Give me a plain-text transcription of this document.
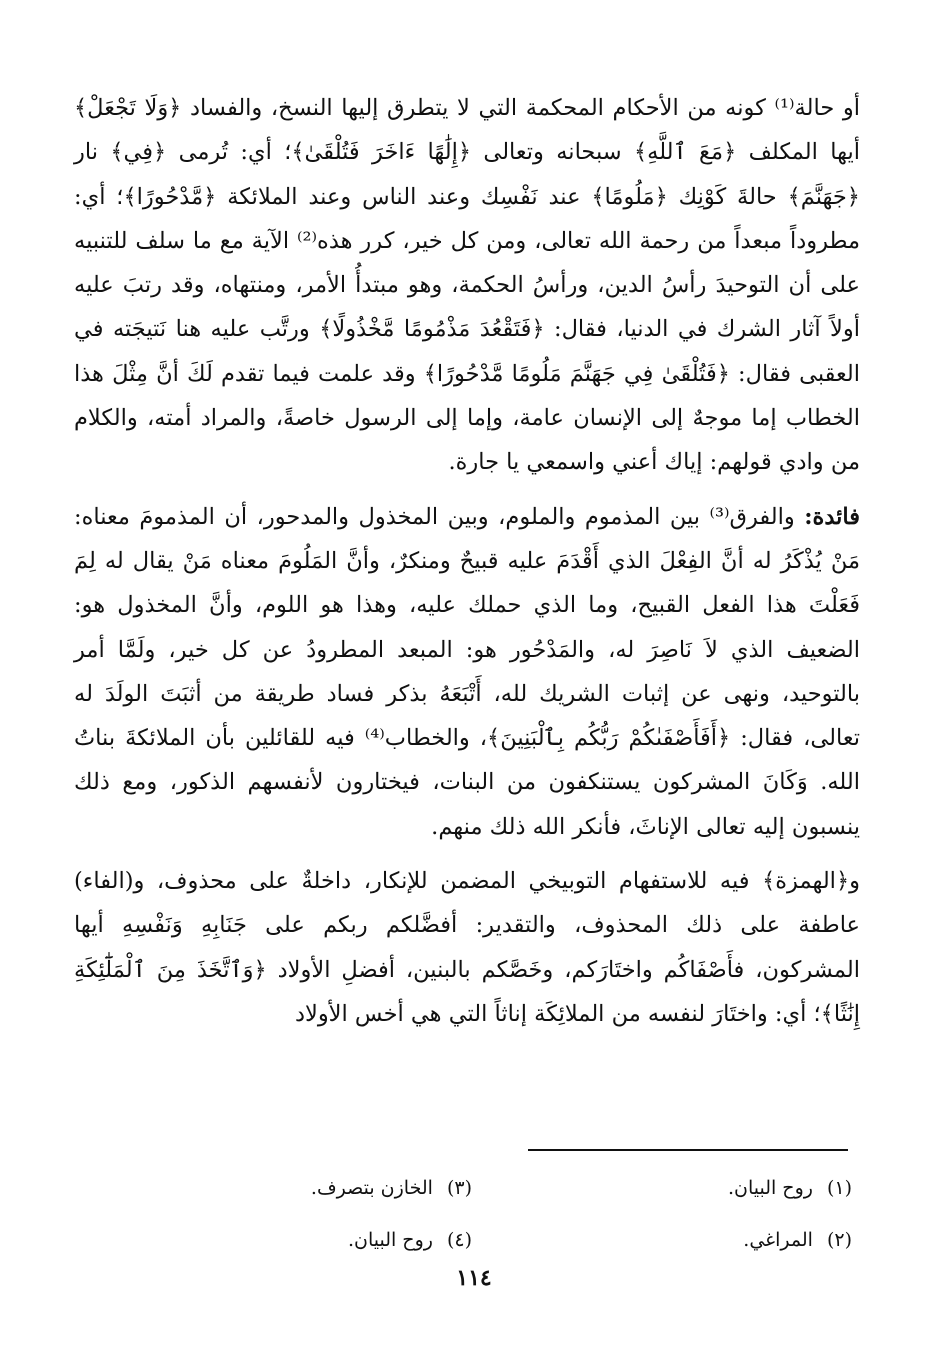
أو حالة⁽¹⁾ كونه من الأحكام المحكمة التي لا يتطرق إليها النسخ، والفساد ﴿وَلَا تَجْعَلْ﴾ أيها المكلف ﴿مَعَ ٱللَّهِ﴾ سبحانه وتعالى ﴿إِلَٰهًا ءَاخَرَ فَتُلْقَىٰ﴾؛ أي: تُرمى ﴿فِي﴾ نار ﴿جَهَنَّمَ﴾ حالةَ كَوْنِك ﴿مَلُومًا﴾ عند نَفْسِك وعند الناس وعند الملائكة ﴿مَّدْحُورًا﴾؛ أي: مطروداً مبعداً من رحمة الله تعالى، ومن كل خير، كرر هذه⁽²⁾ الآية مع ما سلف للتنبيه على أن التوحيدَ رأسُ الدين، ورأسُ الحكمة، وهو مبتدأُ الأمر، ومنتهاه، وقد رتبَ عليه أولاً آثار الشرك في الدنيا، فقال: ﴿فَتَقْعُدَ مَذْمُومًا مَّخْذُولًا﴾ ورتَّب عليه هنا نَتيجَته في العقبى فقال: ﴿فَتُلْقَىٰ فِي جَهَنَّمَ مَلُومًا مَّدْحُورًا﴾ وقد علمت فيما تقدم لَكَ أنَّ مِثْلَ هذا الخطاب إما موجهٌ إلى الإنسان عامة، وإما إلى الرسول خاصةً، والمراد أمته، والكلام من وادي قولهم: إياك أعني واسمعي يا جارة.

فائدة: والفرق⁽³⁾ بين المذموم والملوم، وبين المخذول والمدحور، أن المذمومَ معناه: مَنْ يُذْكَرُ له أنَّ الفِعْلَ الذي أَقْدَمَ عليه قبيحٌ ومنكرٌ، وأنَّ المَلُومَ معناه مَنْ يقال له لِمَ فَعَلْتَ هذا الفعل القبيح، وما الذي حملك عليه، وهذا هو اللوم، وأنَّ المخذول هو: الضعيف الذي لاَ نَاصِرَ له، والمَدْحُور هو: المبعد المطرودُ عن كل خير، ولَمَّا أمر بالتوحيد، ونهى عن إثبات الشريك لله، أَتْبَعَهُ بذكر فساد طريقة من أثبَتَ الولَدَ له تعالى، فقال: ﴿أَفَأَصْفَىٰكُمْ رَبُّكُم بِٱلْبَنِينَ﴾، والخطاب⁽⁴⁾ فيه للقائلين بأن الملائكةَ بناتُ الله. وَكَانَ المشركون يستنكفون من البنات، فيختارون لأنفسهم الذكور، ومع ذلك ينسبون إليه تعالى الإناثَ، فأنكر الله ذلك منهم.

و﴿الهمزة﴾ فيه للاستفهام التوبيخي المضمن للإنكار، داخلةٌ على محذوف، و(الفاء) عاطفة على ذلك المحذوف، والتقدير: أفضَّلكم ربكم على جَنَابِهِ وَنَفْسِهِ أيها المشركون، فأَصْفَاكُم واختَارَكم، وخَصَّكم بالبنين، أفضلِ الأولاد ﴿وَٱتَّخَذَ مِنَ ٱلْمَلَٰٓئِكَةِ إِنَٰثًا﴾؛ أي: واختَارَ لنفسه من الملائِكَة إناثاً التي هي أخس الأولاد

(١)روح البيان.
(٣)الخازن بتصرف.
(٢)المراغي.
(٤)روح البيان.
١١٤
